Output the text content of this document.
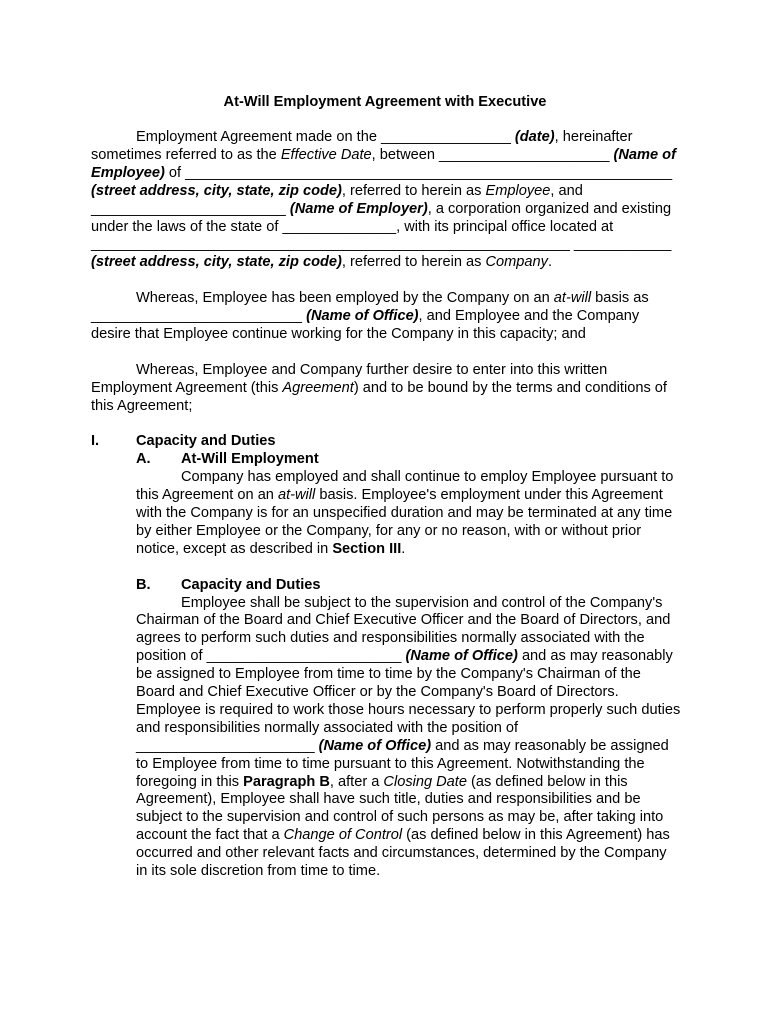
At-Will Employment Agreement with Executive

Employment Agreement made on the ________________ (date), hereinafter sometimes referred to as the Effective Date, between _____________________ (Name of Employee) of ____________________________________________________________ (street address, city, state, zip code), referred to herein as Employee, and ________________________ (Name of Employer), a corporation organized and existing under the laws of the state of ______________, with its principal office located at ___________________________________________________________ ____________ (street address, city, state, zip code), referred to herein as Company.

Whereas, Employee has been employed by the Company on an at-will basis as __________________________ (Name of Office), and Employee and the Company desire that Employee continue working for the Company in this capacity; and

Whereas, Employee and Company further desire to enter into this written Employment Agreement (this Agreement) and to be bound by the terms and conditions of this Agreement;

I.	Capacity and Duties
A.	At-Will Employment

Company has employed and shall continue to employ Employee pursuant to this Agreement on an at-will basis. Employee's employment under this Agreement with the Company is for an unspecified duration and may be terminated at any time by either Employee or the Company, for any or no reason, with or without prior notice, except as described in Section III.

B.	Capacity and Duties

Employee shall be subject to the supervision and control of the Company's Chairman of the Board and Chief Executive Officer and the Board of Directors, and agrees to perform such duties and responsibilities normally associated with the position of ________________________ (Name of Office) and as may reasonably be assigned to Employee from time to time by the Company's Chairman of the Board and Chief Executive Officer or by the Company's Board of Directors. Employee is required to work those hours necessary to perform properly such duties and responsibilities normally associated with the position of ______________________ (Name of Office) and as may reasonably be assigned to Employee from time to time pursuant to this Agreement. Notwithstanding the foregoing in this Paragraph B, after a Closing Date (as defined below in this Agreement), Employee shall have such title, duties and responsibilities and be subject to the supervision and control of such persons as may be, after taking into account the fact that a Change of Control (as defined below in this Agreement) has occurred and other relevant facts and circumstances, determined by the Company in its sole discretion from time to time.
